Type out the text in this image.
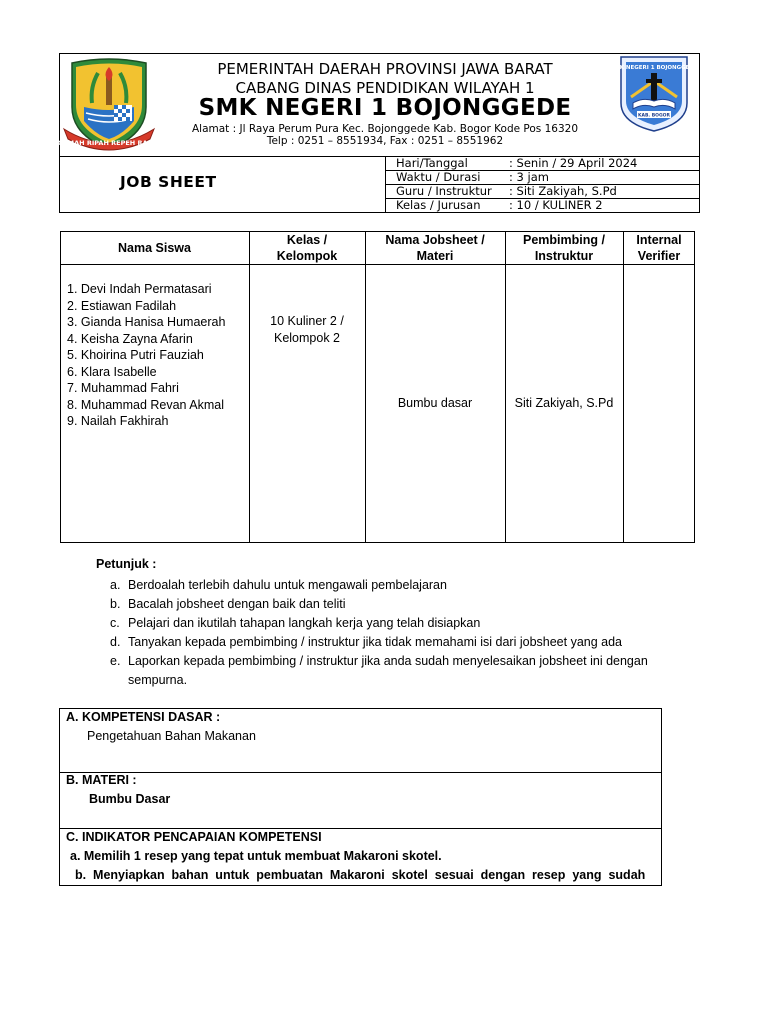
GEMAH RIPAH REPEH RAPIH
SMK NEGERI 1 BOJONGGEDE
KAB. BOGOR
PEMERINTAH DAERAH PROVINSI JAWA BARAT
CABANG DINAS PENDIDIKAN WILAYAH 1
SMK NEGERI 1 BOJONGGEDE
Alamat : Jl Raya Perum Pura Kec. Bojonggede Kab. Bogor Kode Pos 16320
Telp : 0251 – 8551934, Fax : 0251 – 8551962
JOB SHEET
Hari/Tanggal	: Senin / 29 April 2024
Waktu / Durasi : 3 jam
Guru / Instruktur : Siti Zakiyah, S.Pd
Kelas / Jurusan : 10 / KULINER 2
Nama Siswa
Kelas /
Kelompok
Nama Jobsheet /
Materi
Pembimbing /
Instruktur
Internal
Verifier
1. Devi Indah Permatasari
2. Estiawan Fadilah
3. Gianda Hanisa Humaerah
4. Keisha Zayna Afarin
5. Khoirina Putri Fauziah
6. Klara Isabelle
7. Muhammad Fahri
8. Muhammad Revan Akmal
9. Nailah Fakhirah
10 Kuliner 2 /
Kelompok 2
Bumbu dasar	Siti Zakiyah, S.Pd
Petunjuk :
a. Berdoalah terlebih dahulu untuk mengawali pembelajaran
b. Bacalah jobsheet dengan baik dan teliti
c. Pelajari dan ikutilah tahapan langkah kerja yang telah disiapkan
d. Tanyakan kepada pembimbing / instruktur jika tidak memahami isi dari jobsheet yang ada
e. Laporkan kepada pembimbing / instruktur jika anda sudah menyelesaikan jobsheet ini dengan sempurna.
A. KOMPETENSI DASAR :
Pengetahuan Bahan Makanan
B. MATERI :
Bumbu Dasar
C. INDIKATOR PENCAPAIAN KOMPETENSI
a. Memilih 1 resep yang tepat untuk membuat Makaroni skotel.
b.  Menyiapkan  bahan  untuk  pembuatan  Makaroni  skotel  sesuai  dengan  resep  yang  sudah
